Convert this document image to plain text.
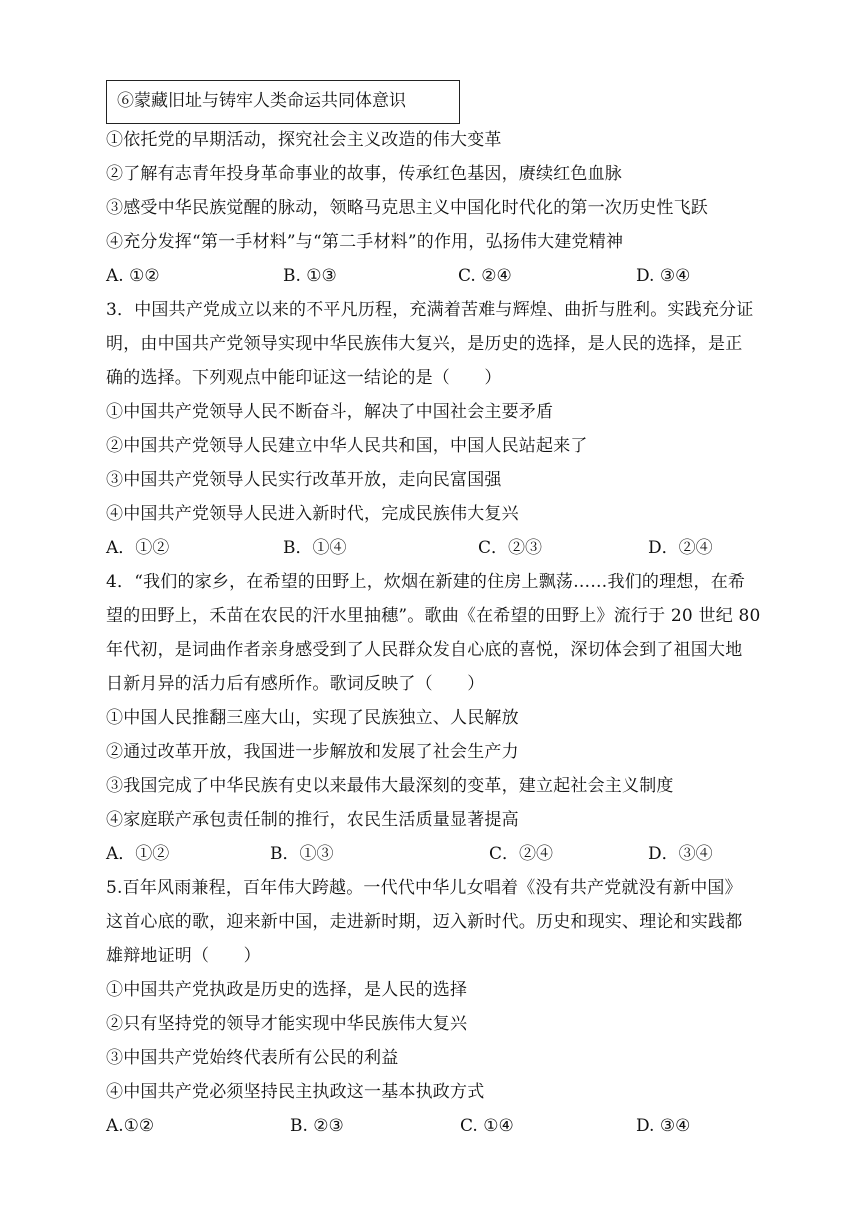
⑥蒙藏旧址与铸牢人类命运共同体意识
①依托党的早期活动，探究社会主义改造的伟大变革
②了解有志青年投身革命事业的故事，传承红色基因，赓续红色血脉
③感受中华民族觉醒的脉动，领略马克思主义中国化时代化的第一次历史性飞跃
④充分发挥“第一手材料”与“第二手材料”的作用，弘扬伟大建党精神
A. ①②	B. ①③	C. ②④	D. ③④
3．中国共产党成立以来的不平凡历程，充满着苦难与辉煌、曲折与胜利。实践充分证
明，由中国共产党领导实现中华民族伟大复兴，是历史的选择，是人民的选择，是正
确的选择。下列观点中能印证这一结论的是（　　）
①中国共产党领导人民不断奋斗，解决了中国社会主要矛盾
②中国共产党领导人民建立中华人民共和国，中国人民站起来了
③中国共产党领导人民实行改革开放，走向民富国强
④中国共产党领导人民进入新时代，完成民族伟大复兴
A．①②	B．①④	C．②③	D．②④
4．“我们的家乡，在希望的田野上，炊烟在新建的住房上飘荡……我们的理想，在希
望的田野上，禾苗在农民的汗水里抽穗”。歌曲《在希望的田野上》流行于 20 世纪 80
年代初，是词曲作者亲身感受到了人民群众发自心底的喜悦，深切体会到了祖国大地
日新月异的活力后有感所作。歌词反映了（　　）
①中国人民推翻三座大山，实现了民族独立、人民解放
②通过改革开放，我国进一步解放和发展了社会生产力
③我国完成了中华民族有史以来最伟大最深刻的变革，建立起社会主义制度
④家庭联产承包责任制的推行，农民生活质量显著提高
A．①②	B．①③	C．②④	D．③④
5.百年风雨兼程，百年伟大跨越。一代代中华儿女唱着《没有共产党就没有新中国》
这首心底的歌，迎来新中国，走进新时期，迈入新时代。历史和现实、理论和实践都
雄辩地证明（　　）
①中国共产党执政是历史的选择，是人民的选择
②只有坚持党的领导才能实现中华民族伟大复兴
③中国共产党始终代表所有公民的利益
④中国共产党必须坚持民主执政这一基本执政方式
A.①②	B. ②③	C. ①④	D. ③④
